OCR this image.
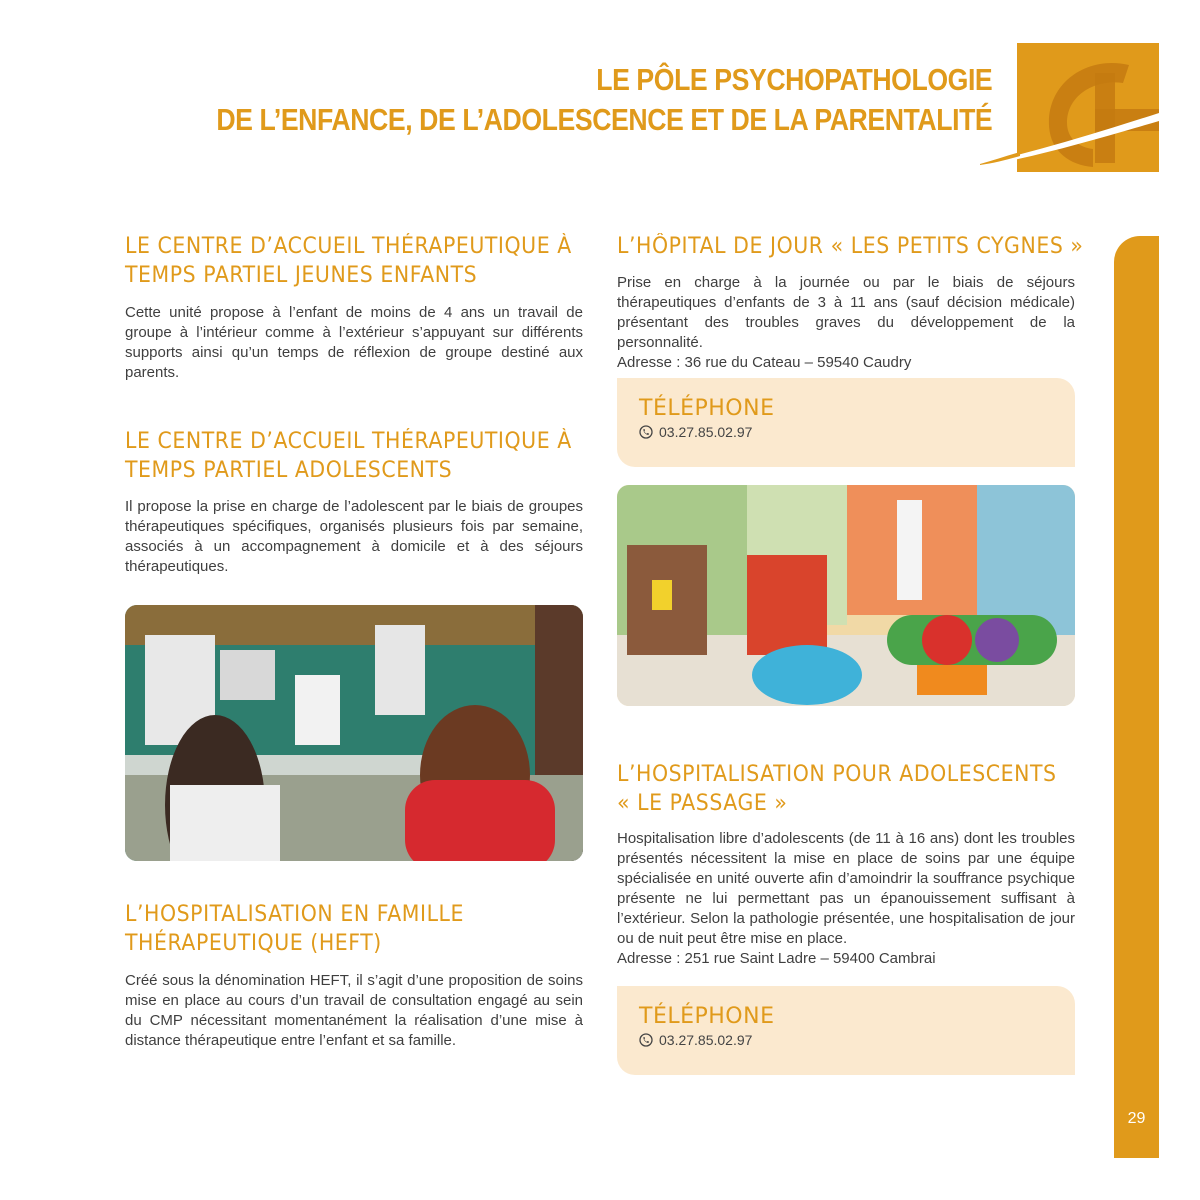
LE PÔLE PSYCHOPATHOLOGIE
DE L’ENFANCE, DE L’ADOLESCENCE ET DE LA PARENTALITÉ
LE CENTRE D’ACCUEIL THÉRAPEUTIQUE À
TEMPS PARTIEL JEUNES ENFANTS

Cette unité propose à l’enfant de moins de 4 ans un travail de groupe à l’intérieur comme à l’extérieur s’appuyant sur différents supports ainsi qu’un temps de réflexion de groupe destiné aux parents.

LE CENTRE D’ACCUEIL THÉRAPEUTIQUE À
TEMPS PARTIEL ADOLESCENTS

Il propose la prise en charge de l’adolescent par le biais de groupes thérapeutiques spécifiques, organisés plusieurs fois par semaine, associés à un accompagnement à domicile et à des séjours thérapeutiques.

L’HOSPITALISATION EN FAMILLE
THÉRAPEUTIQUE (HEFT)

Créé sous la dénomination HEFT, il s’agit d’une proposition de soins mise en place au cours d’un travail de consultation engagé au sein du CMP nécessitant momentanément la réalisation d’une mise à distance thérapeutique entre l’enfant et sa famille.

L’HÔPITAL DE JOUR « LES PETITS CYGNES »

Prise en charge à la journée ou par le biais de séjours thérapeutiques d’enfants de 3 à 11 ans (sauf décision médicale) présentant des troubles graves du développement de la personnalité.

Adresse : 36 rue du Cateau – 59540 Caudry

TÉLÉPHONE
03.27.85.02.97
L’HOSPITALISATION POUR ADOLESCENTS
« LE PASSAGE »

Hospitalisation libre d’adolescents (de 11 à 16 ans) dont les troubles présentés nécessitent la mise en place de soins par une équipe spécialisée en unité ouverte afin d’amoindrir la souffrance psychique présente ne lui permettant pas un épanouissement suffisant à l’extérieur. Selon la pathologie présentée, une hospitalisation de jour ou de nuit peut être mise en place.

Adresse : 251 rue Saint Ladre – 59400 Cambrai

TÉLÉPHONE
03.27.85.02.97
29
